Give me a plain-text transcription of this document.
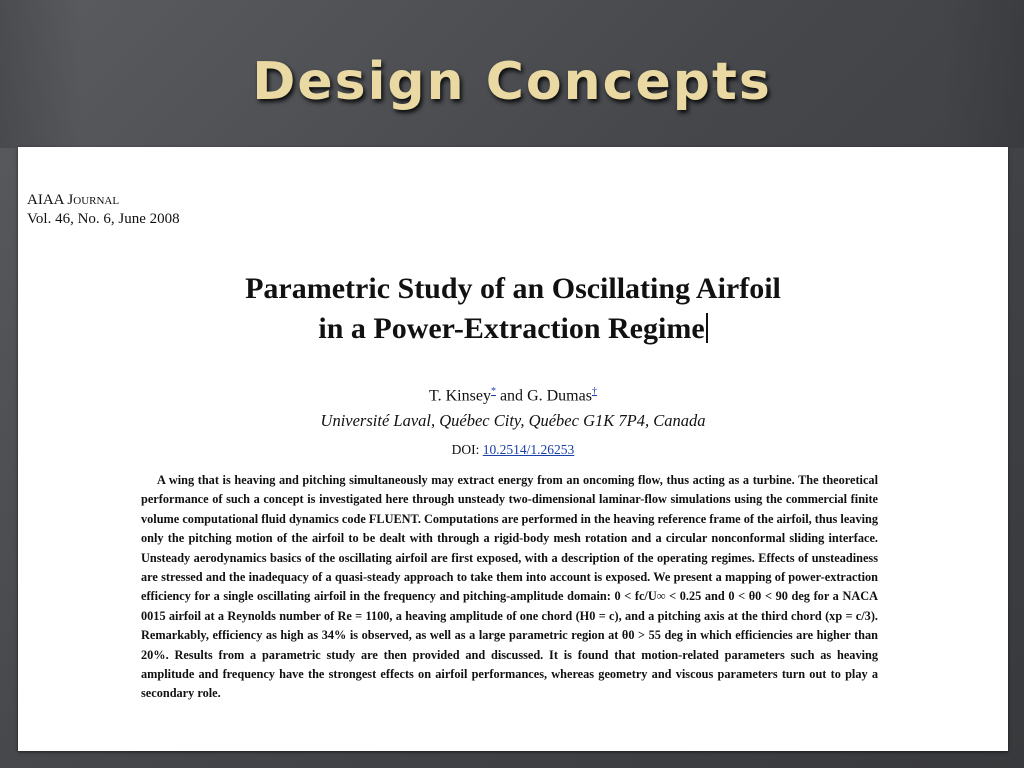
Design Concepts
AIAA Journal
Vol. 46, No. 6, June 2008
Parametric Study of an Oscillating Airfoil
in a Power-Extraction Regime
T. Kinsey* and G. Dumas†
Université Laval, Québec City, Québec G1K 7P4, Canada
DOI: 10.2514/1.26253
A wing that is heaving and pitching simultaneously may extract energy from an oncoming flow, thus acting as a turbine. The theoretical performance of such a concept is investigated here through unsteady two-dimensional laminar-flow simulations using the commercial finite volume computational fluid dynamics code FLUENT. Computations are performed in the heaving reference frame of the airfoil, thus leaving only the pitching motion of the airfoil to be dealt with through a rigid-body mesh rotation and a circular nonconformal sliding interface. Unsteady aerodynamics basics of the oscillating airfoil are first exposed, with a description of the operating regimes. Effects of unsteadiness are stressed and the inadequacy of a quasi-steady approach to take them into account is exposed. We present a mapping of power-extraction efficiency for a single oscillating airfoil in the frequency and pitching-amplitude domain: 0 < fc/U∞ < 0.25 and 0 < θ0 < 90 deg for a NACA 0015 airfoil at a Reynolds number of Re = 1100, a heaving amplitude of one chord (H0 = c), and a pitching axis at the third chord (xp = c/3). Remarkably, efficiency as high as 34% is observed, as well as a large parametric region at θ0 > 55 deg in which efficiencies are higher than 20%. Results from a parametric study are then provided and discussed. It is found that motion-related parameters such as heaving amplitude and frequency have the strongest effects on airfoil performances, whereas geometry and viscous parameters turn out to play a secondary role.
